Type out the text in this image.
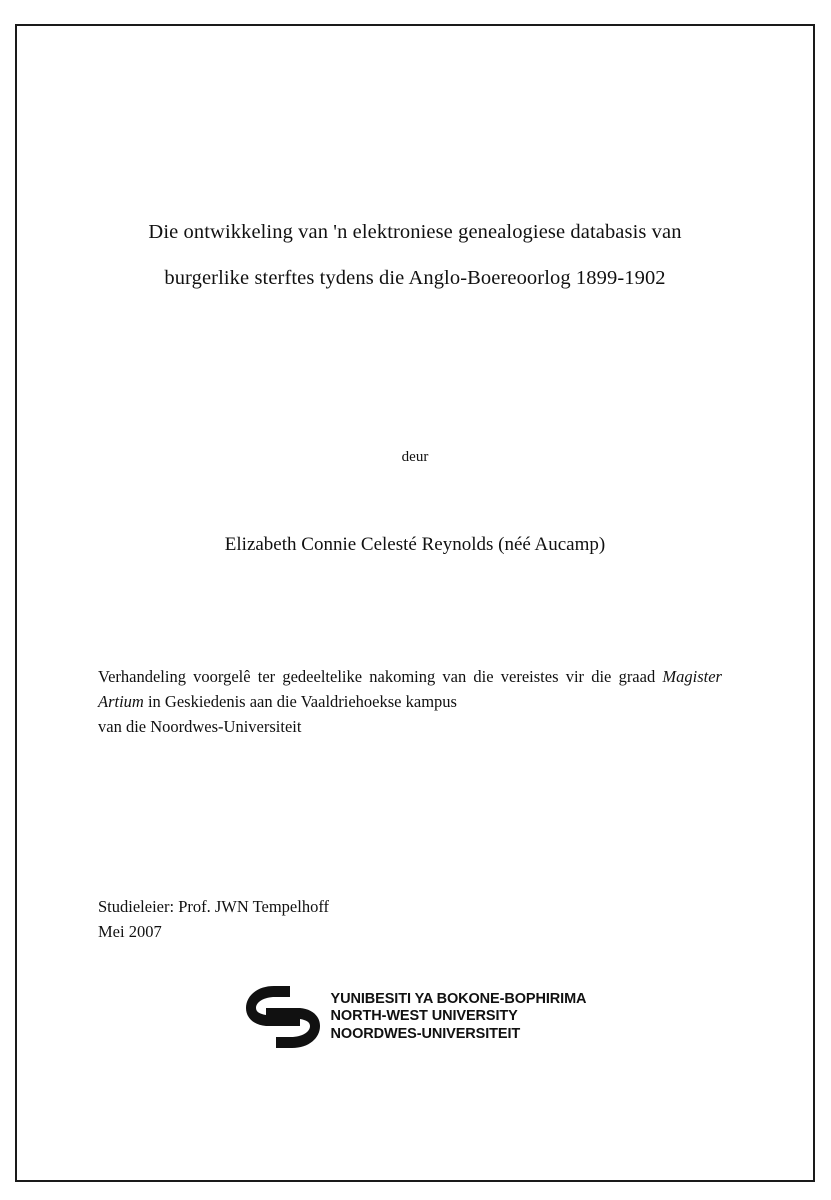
Die ontwikkeling van 'n elektroniese genealogiese databasis van
burgerlike sterftes tydens die Anglo-Boereoorlog 1899-1902
deur
Elizabeth Connie Celesté Reynolds (néé Aucamp)
Verhandeling voorgelê ter gedeeltelike nakoming van die vereistes vir die graad Magister Artium in Geskiedenis aan die Vaaldriehoekse kampus
van die Noordwes-Universiteit
Studieleier: Prof. JWN Tempelhoff
Mei 2007
YUNIBESITI YA BOKONE-BOPHIRIMA
NORTH-WEST UNIVERSITY
NOORDWES-UNIVERSITEIT
